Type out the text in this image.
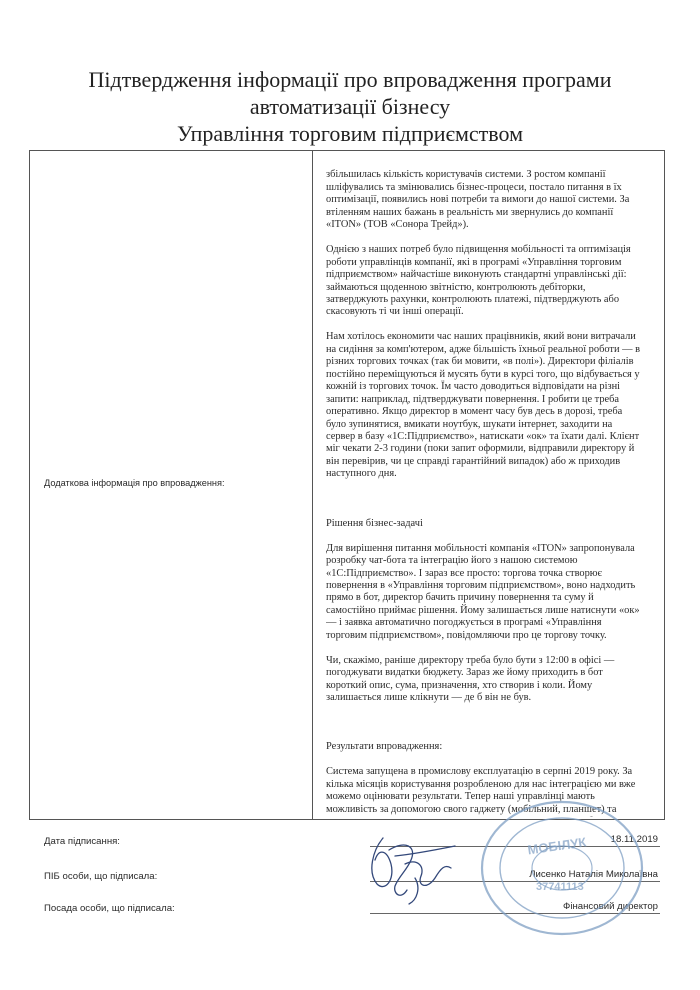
Підтвердження інформації про впровадження програми
автоматизації бізнесу
Управління торговим підприємством
Додаткова інформація про впровадження:

збільшилась кількість користувачів системи. З ростом компанії шліфувались та змінювались бізнес-процеси, постало питання в їх оптимізації, появились нові потреби та вимоги до нашої системи. За втіленням наших бажань в реальність ми звернулись до компанії «ITON» (ТОВ «Сонора Трейд»).

Однією з наших потреб було підвищення мобільності та оптимізація роботи управлінців компанії, які в програмі «Управління торговим підприємством» найчастіше виконують стандартні управлінські дії: займаються щоденною звітністю, контролюють дебіторки, затверджують рахунки, контролюють платежі, підтверджують або скасовують ті чи інші операції.

Нам хотілось економити час наших працівників, який вони витрачали на сидіння за комп'ютером, адже більшість їхньої реальної роботи — в різних торгових точках (так би мовити, «в полі»). Директори філіалів постійно переміщуються й мусять бути в курсі того, що відбувається у кожній із торгових точок. Їм часто доводиться відповідати на різні запити: наприклад, підтверджувати повернення. І робити це треба оперативно. Якщо директор в момент часу був десь в дорозі, треба було зупинятися, вмикати ноутбук, шукати інтернет, заходити на сервер в базу «1С:Підприємство», натискати «ок» та їхати далі. Клієнт міг чекати 2-3 години (поки запит оформили, відправили директору й він перевірив, чи це справді гарантійний випадок) або ж приходив наступного дня.

Рішення бізнес-задачі

Для вирішення питання мобільності компанія «ITON» запропонувала розробку чат-бота та інтеграцію його з нашою системою «1С:Підприємство». І зараз все просто: торгова точка створює повернення в «Управління торговим підприємством», воно надходить прямо в бот, директор бачить причину повернення та суму й самостійно приймає рішення. Йому залишається лише натиснути «ок» — і заявка автоматично погоджується в програмі «Управління торговим підприємством», повідомляючи про це торгову точку.

Чи, скажімо, раніше директору треба було бути з 12:00 в офісі — погоджувати видатки бюджету. Зараз же йому приходить в бот короткий опис, сума, призначення, хто створив і коли. Йому залишається лише клікнути — де б він не був.

Результати впровадження:

Система запущена в промислову експлуатацію в серпні 2019 року. За кілька місяців користування розробленою для нас інтеграцією ми вже можемо оцінювати результати. Тепер наші управлінці мають можливість за допомогою свого гаджету (мобільний, планшет) та

Дата підписання:	18.11.2019
ПІБ особи, що підписала:	Лисенко Наталія Миколаївна
Посада особи, що підписала:	Фінансовий директор
МОБІЛУК
37741113
